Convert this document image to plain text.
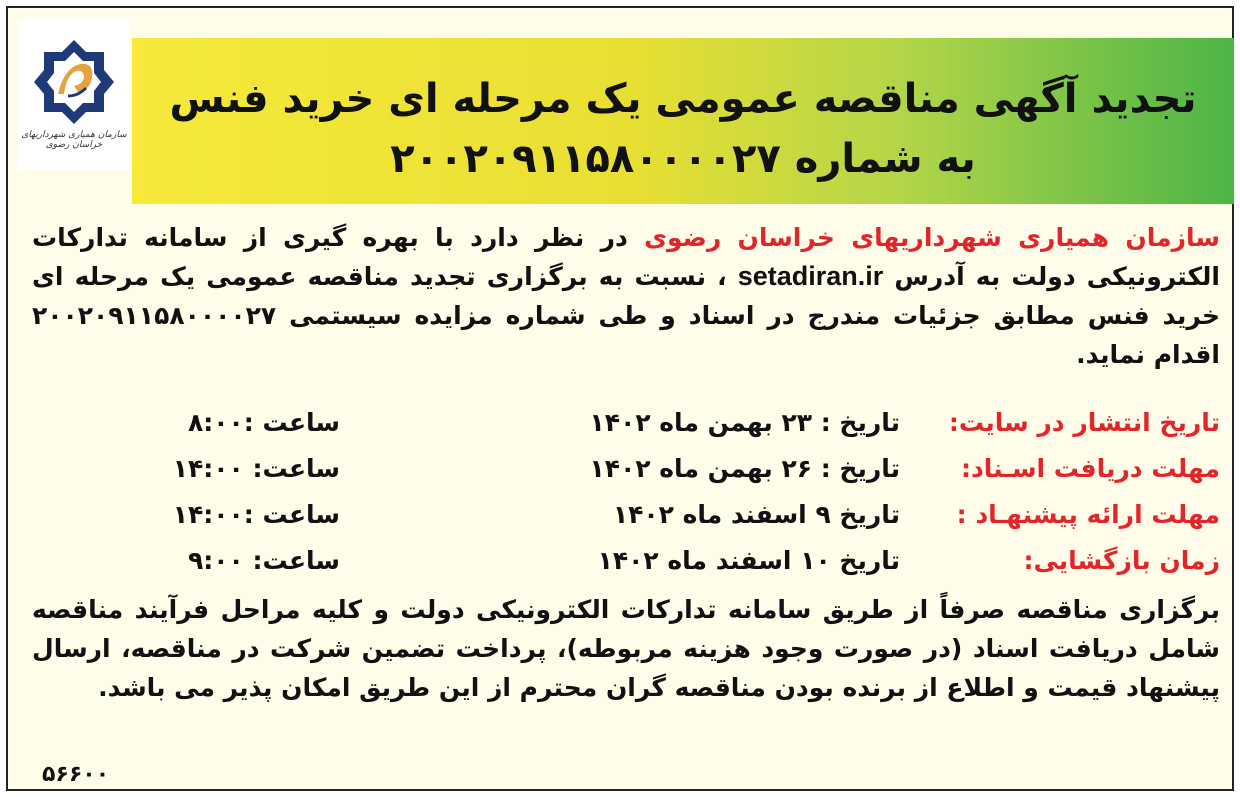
سازمان همیاری شهرداریهای خراسان رضوی
تجدید آگهی مناقصه عمومی یک مرحله ای خرید فنس
به شماره ۲۰۰۲۰۹۱۱۵۸۰۰۰۰۲۷
سازمان همیاری شهرداریهای خراسان رضوی در نظر دارد با بهره گیری از سامانه تدارکات الکترونیکی دولت به آدرس setadiran.ir ، نسبت به برگزاری تجدید مناقصه عمومی یک مرحله ای خرید فنس مطابق جزئیات مندرج در اسناد و طی شماره مزایده سیستمی ۲۰۰۲۰۹۱۱۵۸۰۰۰۰۲۷ اقدام نماید.
تاریخ انتشار در سایت:
تاریخ : ۲۳ بهمن ماه ۱۴۰۲
ساعت :۸:۰۰
مهلت دریافت اسـناد:
تاریخ : ۲۶ بهمن ماه ۱۴۰۲
ساعت: ۱۴:۰۰
مهلت ارائه پیشنهـاد :
تاریخ ۹ اسفند ماه ۱۴۰۲
ساعت :۱۴:۰۰
زمان بازگشایی:
تاریخ ۱۰ اسفند ماه ۱۴۰۲
ساعت: ۹:۰۰
برگزاری مناقصه صرفاً از طریق سامانه تدارکات الکترونیکی دولت و کلیه مراحل فرآیند مناقصه شامل دریافت اسناد (در صورت وجود هزینه مربوطه)، پرداخت تضمین شرکت در مناقصه، ارسال پیشنهاد قیمت و اطلاع از برنده بودن مناقصه گران محترم از این طریق امکان پذیر می باشد.
۵۶۶۰۰
